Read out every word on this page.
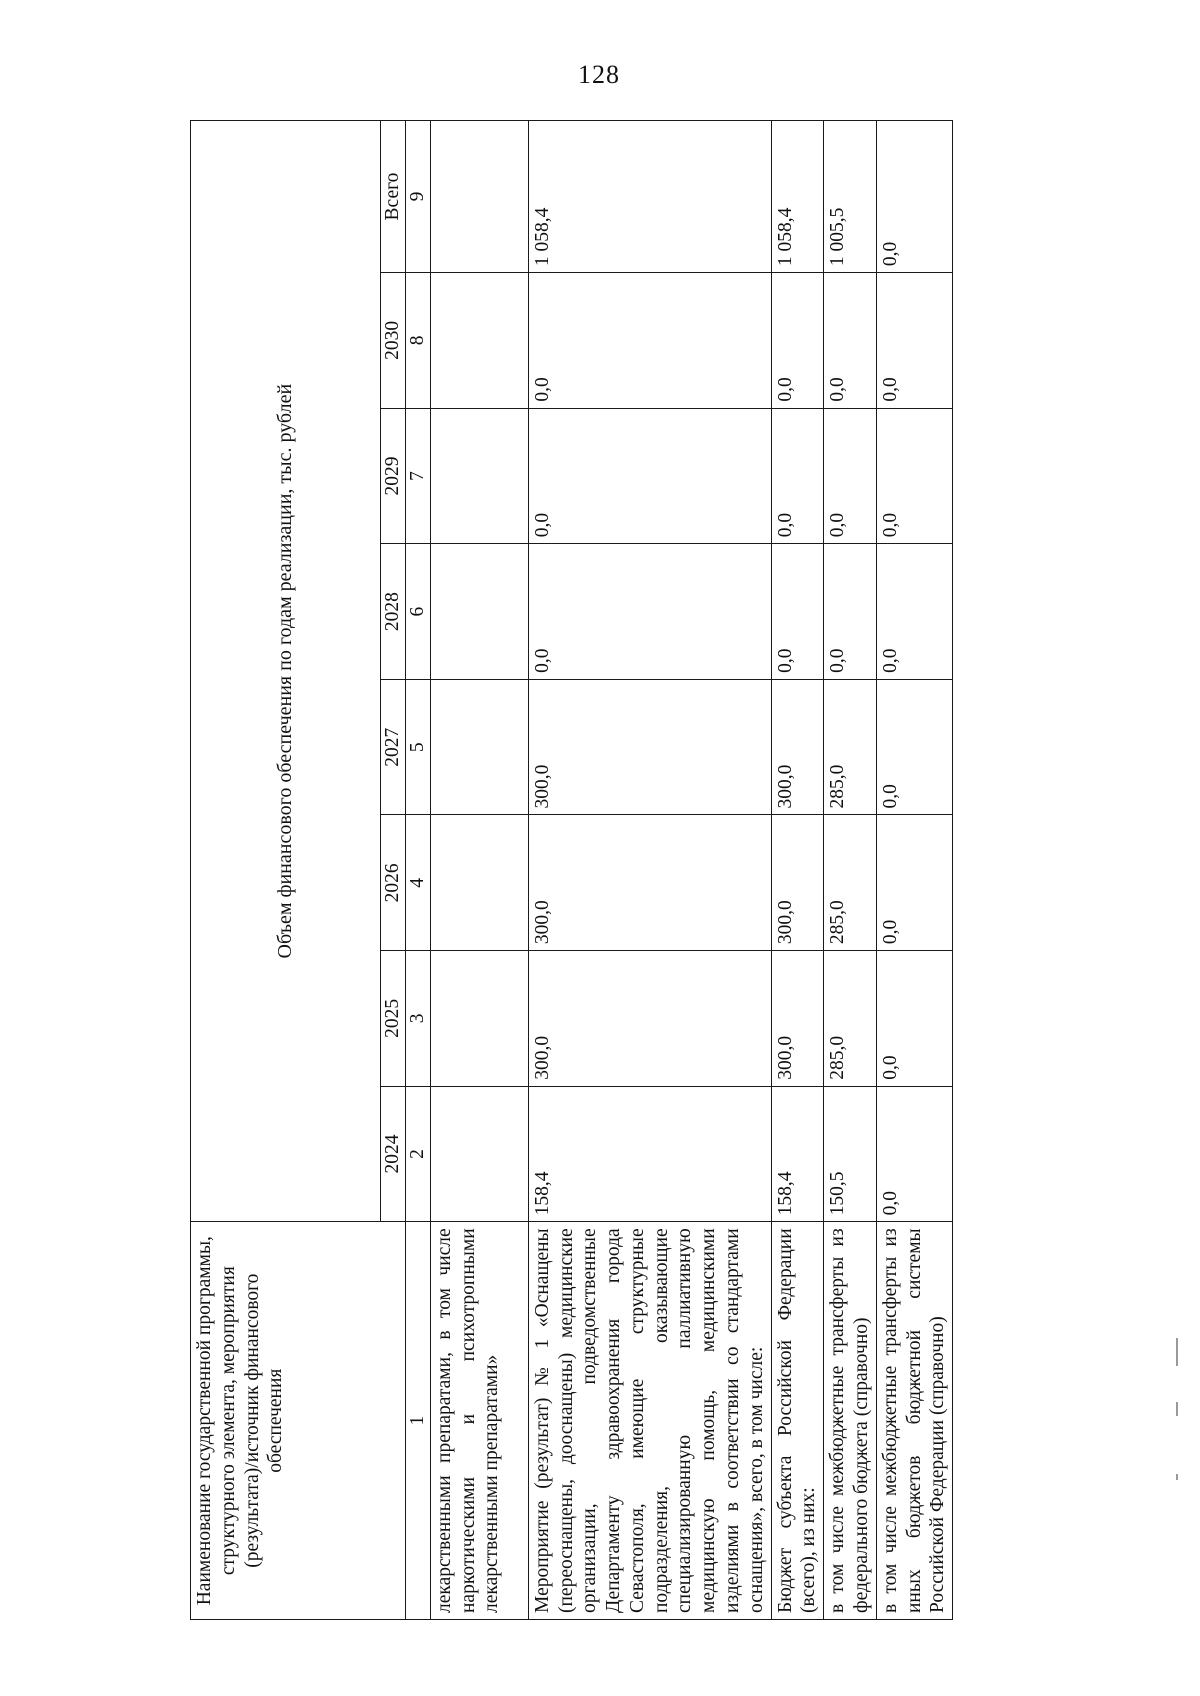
128
Наименование государственной программы, структурного элемента, мероприятия (результата)/источник финансового обеспечения	Объем финансового обеспечения по годам реализации, тыс. рублей							
	2024	2025	2026	2027	2028	2029	2030	Всего
1	2	3	4	5	6	7	8	9
лекарственными препаратами, в том числе наркотическими и психотропными лекарственными препаратами»								
Мероприятие (результат) № 1 «Оснащены (переоснащены, дооснащены) медицинские организации, подведомственные Департаменту здравоохранения города Севастополя, имеющие структурные подразделения, оказывающие специализированную паллиативную медицинскую помощь, медицинскими изделиями в соответствии со стандартами оснащения», всего, в том числе:	158,4	300,0	300,0	300,0	0,0	0,0	0,0	1 058,4
Бюджет субъекта Российской Федерации (всего), из них:	158,4	300,0	300,0	300,0	0,0	0,0	0,0	1 058,4
в том числе межбюджетные трансферты из федерального бюджета (справочно)	150,5	285,0	285,0	285,0	0,0	0,0	0,0	1 005,5
в том числе межбюджетные трансферты из иных бюджетов бюджетной системы Российской Федерации (справочно)	0,0	0,0	0,0	0,0	0,0	0,0	0,0	0,0
